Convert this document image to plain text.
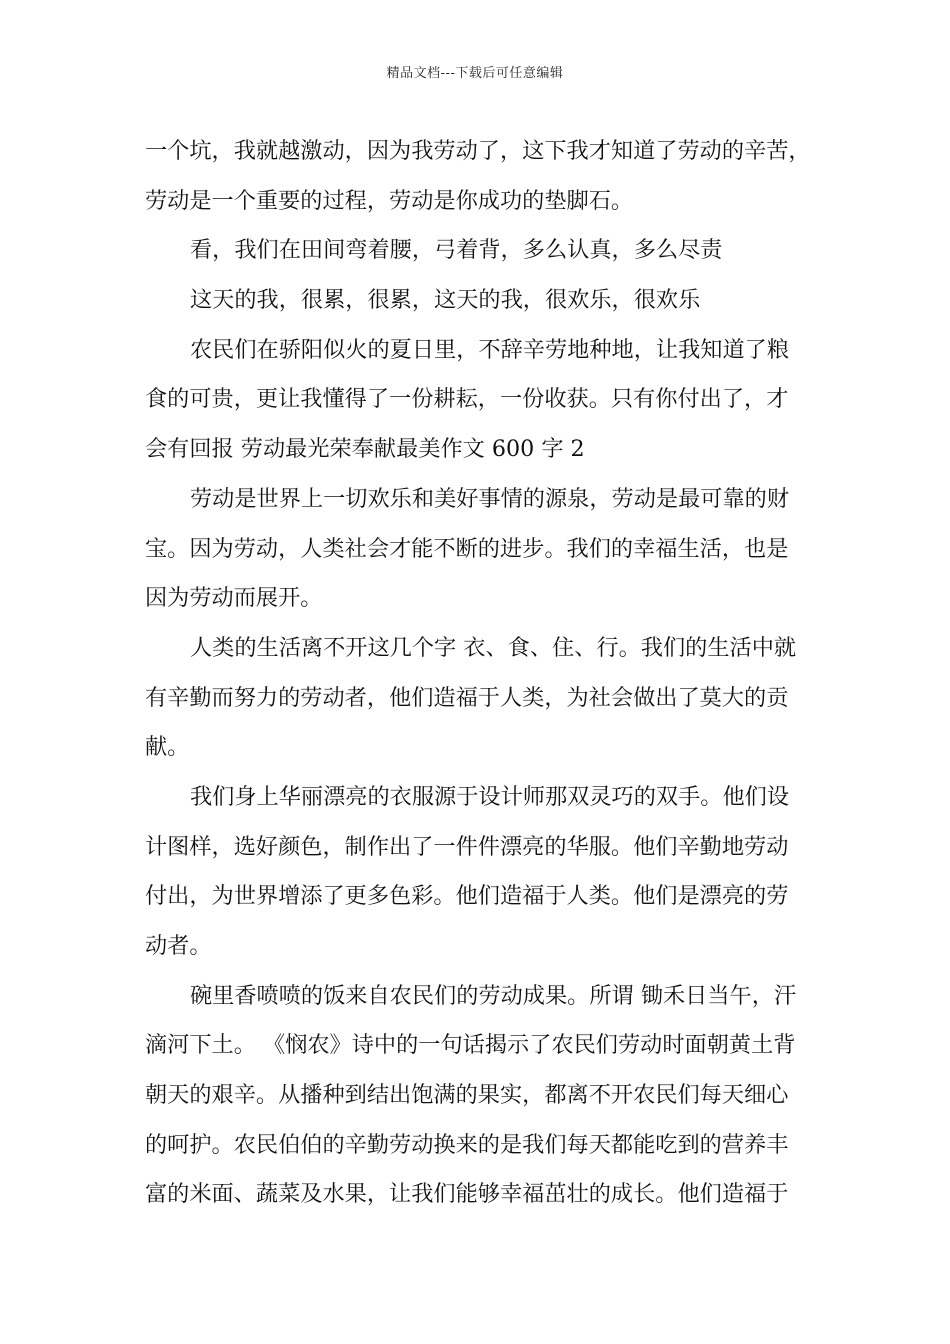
精品文档---下载后可任意编辑
一个坑，我就越激动，因为我劳动了，这下我才知道了劳动的辛苦，
劳动是一个重要的过程，劳动是你成功的垫脚石。
看，我们在田间弯着腰，弓着背，多么认真，多么尽责
这天的我，很累，很累，这天的我，很欢乐，很欢乐
农民们在骄阳似火的夏日里，不辞辛劳地种地，让我知道了粮
食的可贵，更让我懂得了一份耕耘，一份收获。只有你付出了，才
会有回报 劳动最光荣奉献最美作文 600 字 2
劳动是世界上一切欢乐和美好事情的源泉，劳动是最可靠的财
宝。因为劳动，人类社会才能不断的进步。我们的幸福生活，也是
因为劳动而展开。
人类的生活离不开这几个字 衣、食、住、行。我们的生活中就
有辛勤而努力的劳动者，他们造福于人类，为社会做出了莫大的贡
献。
我们身上华丽漂亮的衣服源于设计师那双灵巧的双手。他们设
计图样，选好颜色，制作出了一件件漂亮的华服。他们辛勤地劳动
付出，为世界增添了更多色彩。他们造福于人类。他们是漂亮的劳
动者。
碗里香喷喷的饭来自农民们的劳动成果。所谓 锄禾日当午，汗
滴河下土。 《悯农》诗中的一句话揭示了农民们劳动时面朝黄土背
朝天的艰辛。从播种到结出饱满的果实，都离不开农民们每天细心
的呵护。农民伯伯的辛勤劳动换来的是我们每天都能吃到的营养丰
富的米面、蔬菜及水果，让我们能够幸福茁壮的成长。他们造福于
